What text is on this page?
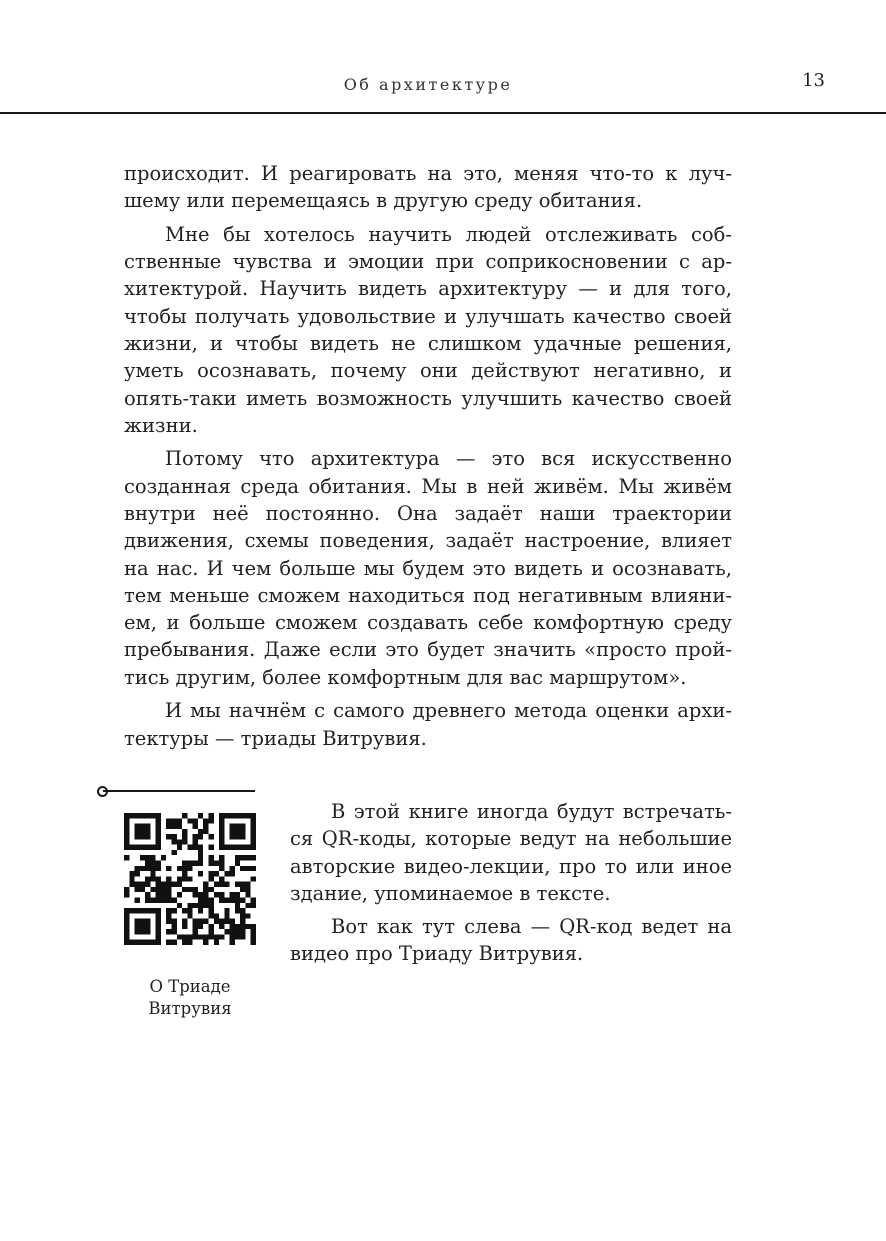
Об архитектуре	13

происходит. И реагировать на это, меняя что-то к лучшему или перемещаясь в другую среду обитания.

Мне бы хотелось научить людей отслеживать собственные чувства и эмоции при соприкосновении с архитектурой. Научить видеть архитектуру — и для того, чтобы получать удовольствие и улучшать качество своей жизни, и чтобы видеть не слишком удачные решения, уметь осознавать, почему они действуют негативно, и опять-таки иметь возможность улучшить качество своей жизни.

Потому что архитектура — это вся искусственно созданная среда обитания. Мы в ней живём. Мы живём внутри неё постоянно. Она задаёт наши траектории движения, схемы поведения, задаёт настроение, влияет на нас. И чем больше мы будем это видеть и осознавать, тем меньше сможем находиться под негативным влиянием, и больше сможем создавать себе комфортную среду пребывания. Даже если это будет значить «просто пройтись другим, более комфортным для вас маршрутом».

И мы начнём с самого древнего метода оценки архитектуры — триады Витрувия.

О Триаде
Витрувия

В этой книге иногда будут встречаться QR-коды, которые ведут на небольшие авторские видео-лекции, про то или иное здание, упоминаемое в тексте.

Вот как тут слева — QR-код ведет на видео про Триаду Витрувия.
